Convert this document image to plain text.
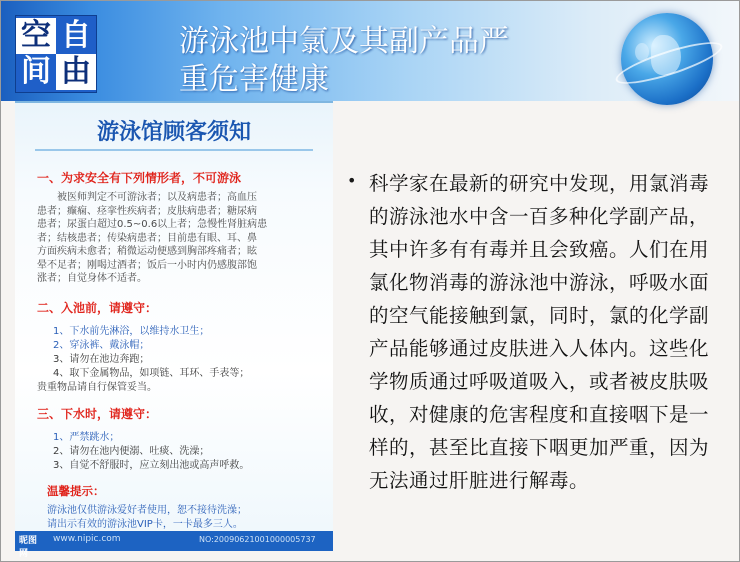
空 自
间 由
游泳池中氯及其副产品严
重危害健康
游泳馆顾客须知
一、为求安全有下列情形者，不可游泳
被医师判定不可游泳者；以及病患者；高血压
患者；癫痫、痉挛性疾病者；皮肤病患者；糖尿病
患者；尿蛋白超过0.5~0.6以上者；急慢性肾脏病患
者；结核患者；传染病患者；目前患有眼、耳、鼻
方面疾病未愈者；稍微运动便感到胸部疼痛者；眩
晕不足者；刚喝过酒者；饭后一小时内仍感腹部饱
涨者；自觉身体不适者。
二、入池前，请遵守：
1、下水前先淋浴，以维持水卫生；
2、穿泳裤、戴泳帽；
3、请勿在池边奔跑；
4、取下金属物品，如项链、耳环、手表等；
贵重物品请自行保管妥当。
三、下水时，请遵守：
1、严禁跳水；
2、请勿在池内便溺、吐痰、洗澡；
3、自觉不舒服时，应立刻出池或高声呼救。
温馨提示：
游泳池仅供游泳爱好者使用，恕不接待洗澡；
请出示有效的游泳池VIP卡，一卡最多三人。
昵图网
www.nipic.com	NO:20090621001000005737
• 科学家在最新的研究中发现，用氯消毒的游泳池水中含一百多种化学副产品，其中许多有有毒并且会致癌。人们在用氯化物消毒的游泳池中游泳，呼吸水面的空气能接触到氯，同时，氯的化学副产品能够通过皮肤进入人体内。这些化学物质通过呼吸道吸入，或者被皮肤吸收，对健康的危害程度和直接咽下是一样的，甚至比直接下咽更加严重，因为无法通过肝脏进行解毒。
